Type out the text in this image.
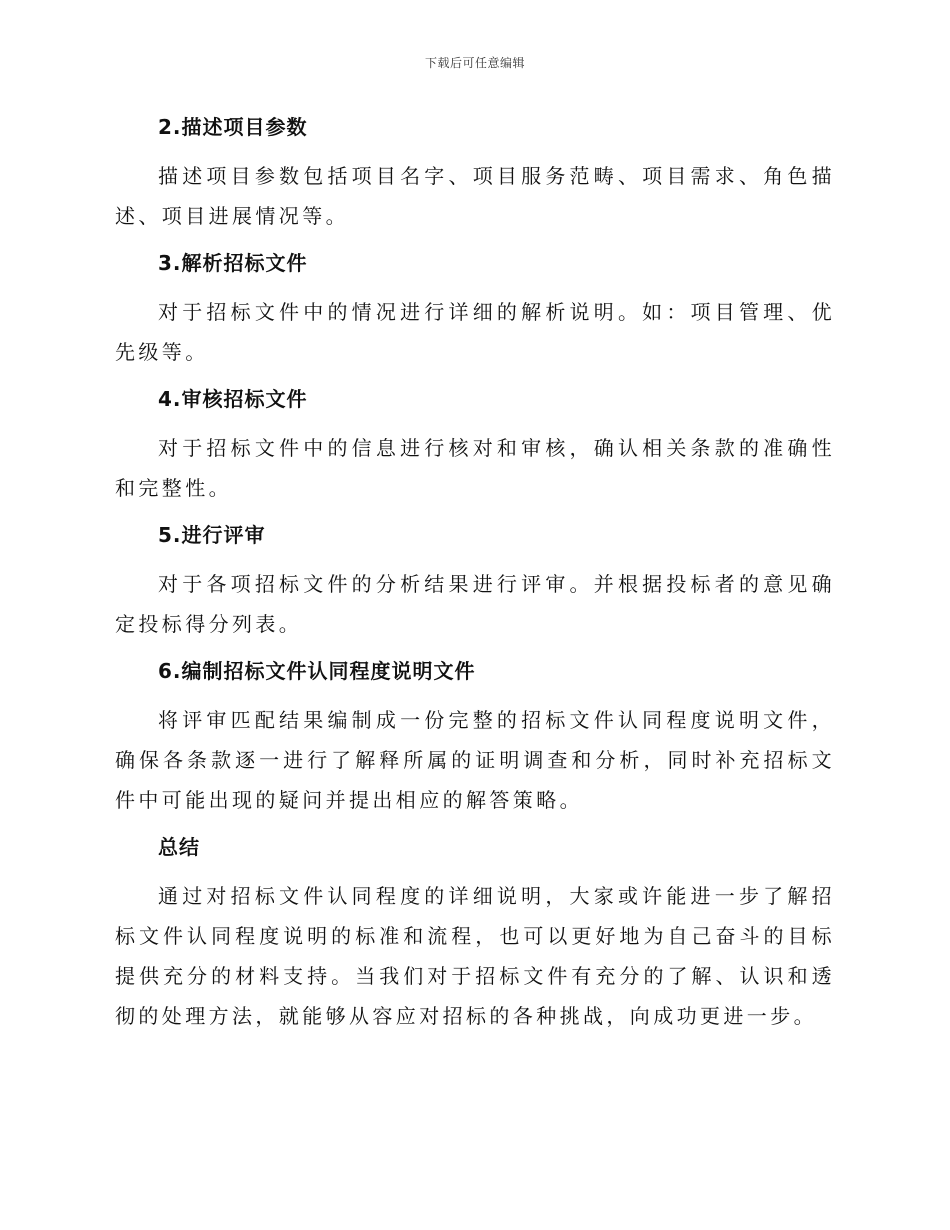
下载后可任意编辑
2.描述项目参数

描述项目参数包括项目名字、项目服务范畴、项目需求、角色描述、项目进展情况等。

3.解析招标文件

对于招标文件中的情况进行详细的解析说明。如：项目管理、优先级等。

4.审核招标文件

对于招标文件中的信息进行核对和审核，确认相关条款的准确性和完整性。

5.进行评审

对于各项招标文件的分析结果进行评审。并根据投标者的意见确定投标得分列表。

6.编制招标文件认同程度说明文件

将评审匹配结果编制成一份完整的招标文件认同程度说明文件，确保各条款逐一进行了解释所属的证明调查和分析，同时补充招标文件中可能出现的疑问并提出相应的解答策略。

总结

通过对招标文件认同程度的详细说明，大家或许能进一步了解招标文件认同程度说明的标准和流程，也可以更好地为自己奋斗的目标提供充分的材料支持。当我们对于招标文件有充分的了解、认识和透彻的处理方法，就能够从容应对招标的各种挑战，向成功更进一步。
